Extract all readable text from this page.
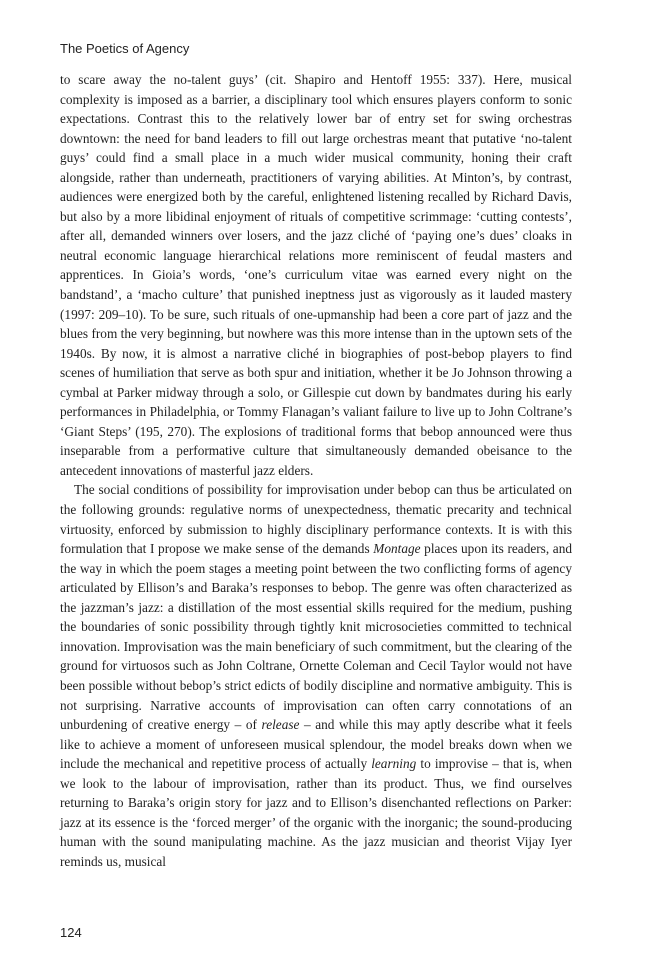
The Poetics of Agency

to scare away the no-talent guys’ (cit. Shapiro and Hentoff 1955: 337). Here, musical complexity is imposed as a barrier, a disciplinary tool which ensures players conform to sonic expectations. Contrast this to the relatively lower bar of entry set for swing orchestras downtown: the need for band leaders to fill out large orchestras meant that putative ‘no-talent guys’ could find a small place in a much wider musical community, honing their craft alongside, rather than underneath, practitioners of varying abilities. At Minton’s, by contrast, audiences were energized both by the careful, enlightened listening recalled by Richard Davis, but also by a more libidinal enjoyment of rituals of competitive scrimmage: ‘cutting contests’, after all, demanded winners over losers, and the jazz cliché of ‘paying one’s dues’ cloaks in neutral economic language hierarchical relations more reminiscent of feudal masters and apprentices. In Gioia’s words, ‘one’s curriculum vitae was earned every night on the bandstand’, a ‘macho culture’ that punished ineptness just as vigorously as it lauded mastery (1997: 209–10). To be sure, such rituals of one-upmanship had been a core part of jazz and the blues from the very beginning, but nowhere was this more intense than in the uptown sets of the 1940s. By now, it is almost a narrative cliché in biographies of post-bebop players to find scenes of humiliation that serve as both spur and initiation, whether it be Jo Johnson throwing a cymbal at Parker midway through a solo, or Gillespie cut down by bandmates during his early performances in Philadelphia, or Tommy Flanagan’s valiant failure to live up to John Coltrane’s ‘Giant Steps’ (195, 270). The explosions of traditional forms that bebop announced were thus inseparable from a performative culture that simultaneously demanded obeisance to the antecedent innovations of masterful jazz elders.

The social conditions of possibility for improvisation under bebop can thus be articulated on the following grounds: regulative norms of unexpectedness, thematic precarity and technical virtuosity, enforced by submission to highly disciplinary performance contexts. It is with this formulation that I propose we make sense of the demands Montage places upon its readers, and the way in which the poem stages a meeting point between the two conflicting forms of agency articulated by Ellison’s and Baraka’s responses to bebop. The genre was often characterized as the jazzman’s jazz: a distillation of the most essential skills required for the medium, pushing the boundaries of sonic possibility through tightly knit microsocieties committed to technical innovation. Improvisation was the main beneficiary of such commitment, but the clearing of the ground for virtuosos such as John Coltrane, Ornette Coleman and Cecil Taylor would not have been possible without bebop’s strict edicts of bodily discipline and normative ambiguity. This is not surprising. Narrative accounts of improvisation can often carry connotations of an unburdening of creative energy – of release – and while this may aptly describe what it feels like to achieve a moment of unforeseen musical splendour, the model breaks down when we include the mechanical and repetitive process of actually learning to improvise – that is, when we look to the labour of improvisation, rather than its product. Thus, we find ourselves returning to Baraka’s origin story for jazz and to Ellison’s disenchanted reflections on Parker: jazz at its essence is the ‘forced merger’ of the organic with the inorganic; the sound-producing human with the sound manipulating machine. As the jazz musician and theorist Vijay Iyer reminds us, musical

124
